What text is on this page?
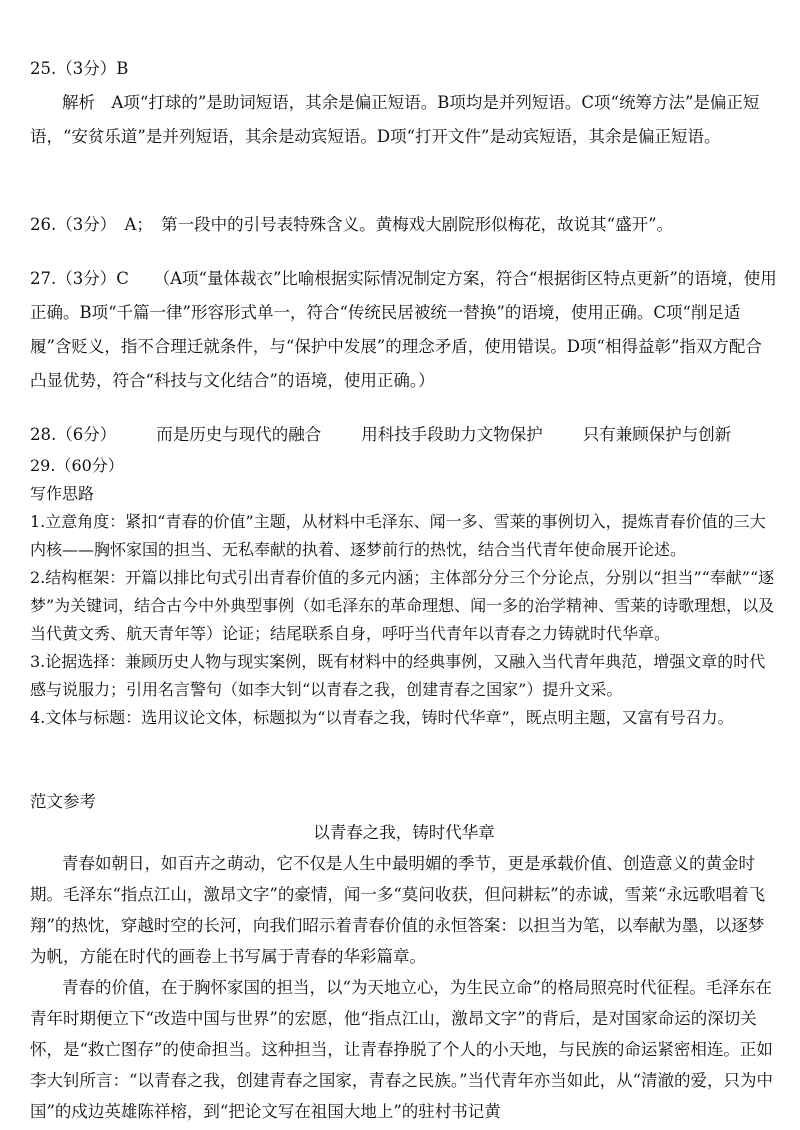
25.（3分）B

解析　A项“打球的”是助词短语，其余是偏正短语。B项均是并列短语。C项“统筹方法”是偏正短语，“安贫乐道”是并列短语，其余是动宾短语。D项“打开文件”是动宾短语，其余是偏正短语。

26.（3分）　A；　第一段中的引号表特殊含义。黄梅戏大剧院形似梅花，故说其“盛开”。

27.（3分）C　　（A项“量体裁衣”比喻根据实际情况制定方案，符合“根据街区特点更新”的语境，使用正确。B项“千篇一律”形容形式单一，符合“传统民居被统一替换”的语境，使用正确。C项“削足适履”含贬义，指不合理迁就条件，与“保护中发展”的理念矛盾，使用错误。D项“相得益彰”指双方配合凸显优势，符合“科技与文化结合”的语境，使用正确。）

28.（6分） 而是历史与现代的融合 用科技手段助力文物保护 只有兼顾保护与创新

29.（60分）

写作思路

1.立意角度：紧扣“青春的价值”主题，从材料中毛泽东、闻一多、雪莱的事例切入，提炼青春价值的三大内核——胸怀家国的担当、无私奉献的执着、逐梦前行的热忱，结合当代青年使命展开论述。

2.结构框架：开篇以排比句式引出青春价值的多元内涵；主体部分分三个分论点，分别以“担当”“奉献”“逐梦”为关键词，结合古今中外典型事例（如毛泽东的革命理想、闻一多的治学精神、雪莱的诗歌理想，以及当代黄文秀、航天青年等）论证；结尾联系自身，呼吁当代青年以青春之力铸就时代华章。

3.论据选择：兼顾历史人物与现实案例，既有材料中的经典事例，又融入当代青年典范，增强文章的时代感与说服力；引用名言警句（如李大钊“以青春之我，创建青春之国家”）提升文采。

4.文体与标题：选用议论文体，标题拟为“以青春之我，铸时代华章”，既点明主题，又富有号召力。

范文参考

以青春之我，铸时代华章

青春如朝日，如百卉之萌动，它不仅是人生中最明媚的季节，更是承载价值、创造意义的黄金时期。毛泽东“指点江山，激昂文字”的豪情，闻一多“莫问收获，但问耕耘”的赤诚，雪莱“永远歌唱着飞翔”的热忱，穿越时空的长河，向我们昭示着青春价值的永恒答案：以担当为笔，以奉献为墨，以逐梦为帆，方能在时代的画卷上书写属于青春的华彩篇章。

青春的价值，在于胸怀家国的担当，以“为天地立心，为生民立命”的格局照亮时代征程。毛泽东在青年时期便立下“改造中国与世界”的宏愿，他“指点江山，激昂文字”的背后，是对国家命运的深切关怀，是“救亡图存”的使命担当。这种担当，让青春挣脱了个人的小天地，与民族的命运紧密相连。正如李大钊所言：“以青春之我，创建青春之国家，青春之民族。”当代青年亦当如此，从“清澈的爱，只为中国”的戍边英雄陈祥榕，到“把论文写在祖国大地上”的驻村书记黄
